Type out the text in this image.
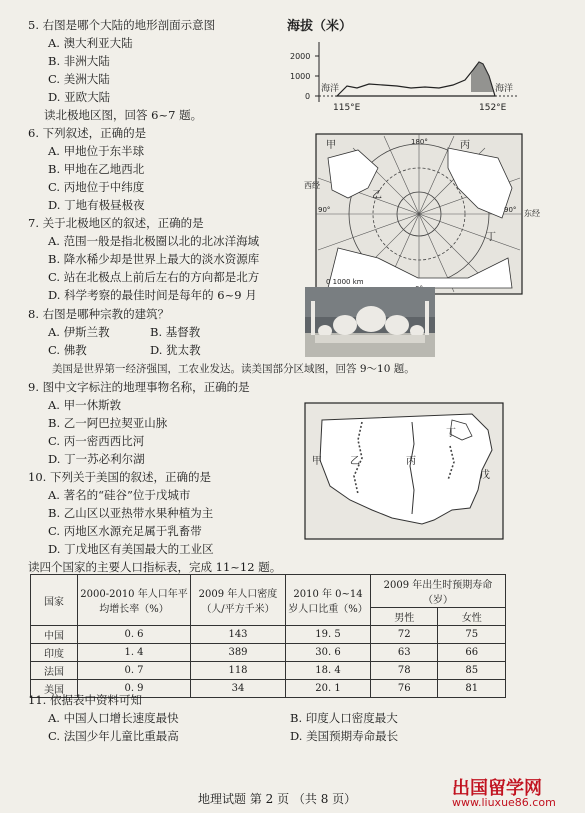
5. 右图是哪个大陆的地形剖面示意图
A. 澳大利亚大陆
B. 非洲大陆
C. 美洲大陆
D. 亚欧大陆
读北极地区图，回答 6~7 题。
6. 下列叙述，正确的是
A. 甲地位于东半球
B. 甲地在乙地西北
C. 丙地位于中纬度
D. 丁地有极昼极夜
7. 关于北极地区的叙述，正确的是
A. 范围一般是指北极圈以北的北冰洋海域
B. 降水稀少却是世界上最大的淡水资源库
C. 站在北极点上前后左右的方向都是北方
D. 科学考察的最佳时间是每年的 6~9 月
8. 右图是哪种宗教的建筑？
A. 伊斯兰教	B. 基督教
C. 佛教	D. 犹太教
美国是世界第一经济强国，工农业发达。读美国部分区域图，回答 9～10 题。
9. 图中文字标注的地理事物名称，正确的是
A. 甲一休斯敦
B. 乙一阿巴拉契亚山脉
C. 丙一密西西比河
D. 丁一苏必利尔湖
10. 下列关于美国的叙述，正确的是
A. 著名的“硅谷”位于戊城市
B. 乙山区以亚热带水果种植为主
C. 丙地区水源充足属于乳畜带
D. 丁戊地区有美国最大的工业区
读四个国家的主要人口指标表，完成 11~12 题。
国家	2000-2010 年人口年平均增长率（%）	2009 年人口密度（人/平方千米）	2010 年 0~14 岁人口比重（%）	2009 年出生时预期寿命（岁）	
				男性	女性
中国	0. 6	143	19. 5	72	75
印度	1. 4	389	30. 6	63	66
法国	0. 7	118	18. 4	78	85
美国	0. 9	34	20. 1	76	81
11. 依据表中资料可知
A. 中国人口增长速度最快	B. 印度人口密度最大
C. 法国少年儿童比重最高	D. 美国预期寿命最长
海拔（米）
2000
1000
0
海洋	海洋
115°E	152°E
甲	丙
乙
丁
西经
东经
180°
90°	90°
0 1000 km
甲	乙	丙
丁
戊
地理试题 第 2 页 （共 8 页）	出国留学网
www.liuxue86.com
